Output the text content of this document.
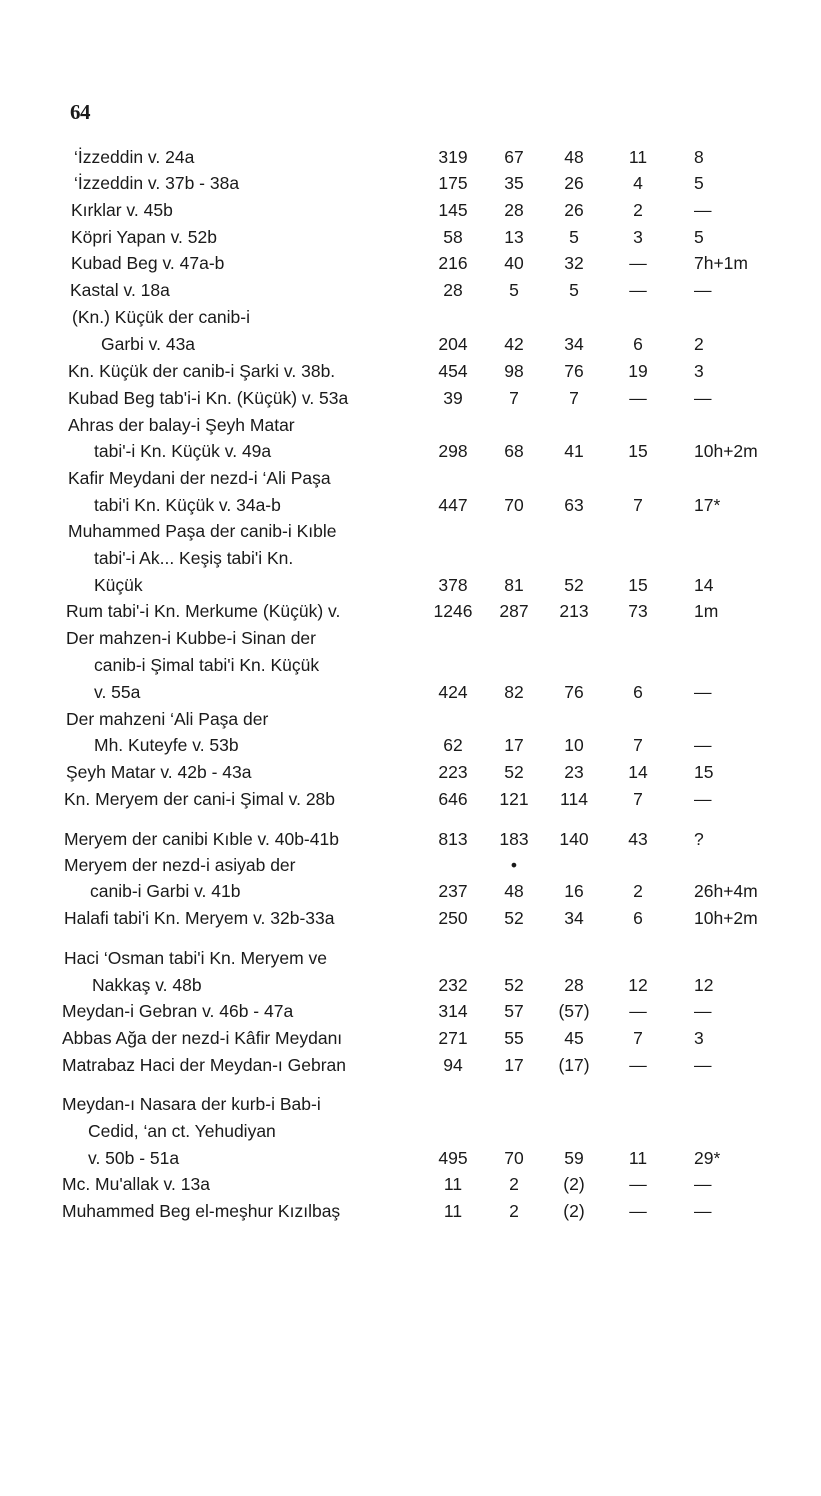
64
‘İzzeddin v. 24a	319	67	48	11	8
‘İzzeddin v. 37b - 38a	175	35	26	4	5
Kırklar v. 45b	145	28	26	2	—
Köpri Yapan v. 52b	58	13	5	3	5
Kubad Beg v. 47a-b	216	40	32	—	7h+1m
Kastal v. 18a	28	5	5	—	—
(Kn.) Küçük der canib-i
Garbi v. 43a	204	42	34	6	2
Kn. Küçük der canib-i Şarki v. 38b.	454	98	76	19	3
Kubad Beg tab'i-i Kn. (Küçük) v. 53a	39	7	7	—	—
Ahras der balay-i Şeyh Matar
tabi'-i Kn. Küçük v. 49a	298	68	41	15	10h+2m
Kafir Meydani der nezd-i ‘Ali Paşa
tabi'i Kn. Küçük v. 34a-b	447	70	63	7	17*
Muhammed Paşa der canib-i Kıble
tabi'-i Ak... Keşiş tabi'i Kn.
Küçük	378	81	52	15	14
Rum tabi'-i Kn. Merkume (Küçük) v.	1246	287	213	73	1m
Der mahzen-i Kubbe-i Sinan der
canib-i Şimal tabi'i Kn. Küçük
v. 55a	424	82	76	6	—
Der mahzeni ‘Ali Paşa der
Mh. Kuteyfe v. 53b	62	17	10	7	—
Şeyh Matar v. 42b - 43a	223	52	23	14	15
Kn. Meryem der cani-i Şimal v. 28b	646	121	114	7	—
Meryem der canibi Kıble v. 40b-41b	813	183	140	43	?
Meryem der nezd-i asiyab der	•
canib-i Garbi v. 41b	237	48	16	2	26h+4m
Halafi tabi'i Kn. Meryem v. 32b-33a	250	52	34	6	10h+2m
Haci ‘Osman tabi'i Kn. Meryem ve
Nakkaş v. 48b	232	52	28	12	12
Meydan-i Gebran v. 46b - 47a	314	57	(57)	—	—
Abbas Ağa der nezd-i Kâfir Meydanı	271	55	45	7	3
Matrabaz Haci der Meydan-ı Gebran	94	17	(17)	—	—
Meydan-ı Nasara der kurb-i Bab-i
Cedid, ‘an ct. Yehudiyan
v. 50b - 51a	495	70	59	11	29*
Mc. Mu'allak v. 13a	11	2	(2)	—	—
Muhammed Beg el-meşhur Kızılbaş	11	2	(2)	—	—
